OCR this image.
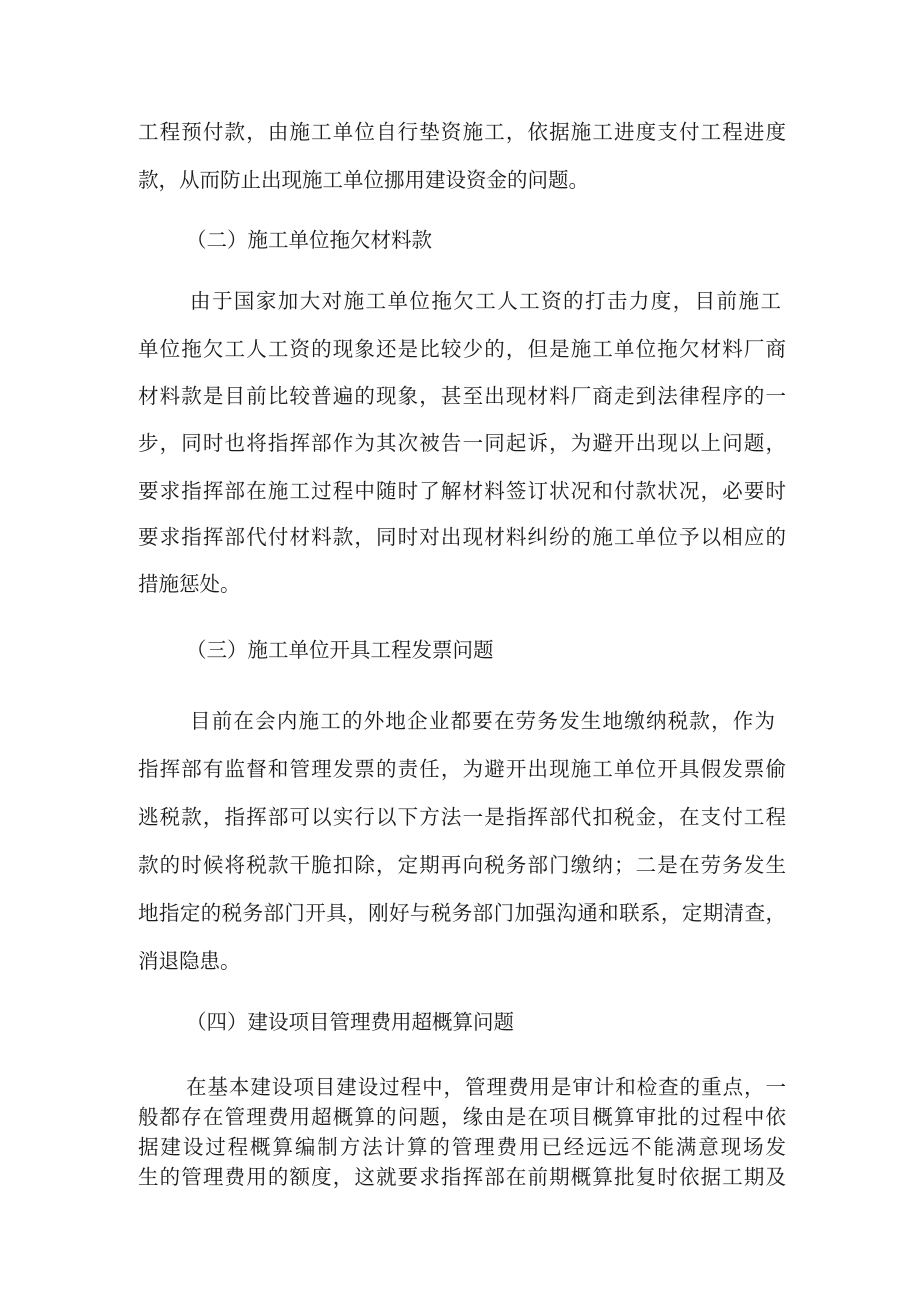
工程预付款，由施工单位自行垫资施工，依据施工进度支付工程进度
款，从而防止出现施工单位挪用建设资金的问题。
（二）施工单位拖欠材料款
由于国家加大对施工单位拖欠工人工资的打击力度，目前施工
单位拖欠工人工资的现象还是比较少的，但是施工单位拖欠材料厂商
材料款是目前比较普遍的现象，甚至出现材料厂商走到法律程序的一
步，同时也将指挥部作为其次被告一同起诉，为避开出现以上问题，
要求指挥部在施工过程中随时了解材料签订状况和付款状况，必要时
要求指挥部代付材料款，同时对出现材料纠纷的施工单位予以相应的
措施惩处。
（三）施工单位开具工程发票问题
目前在会内施工的外地企业都要在劳务发生地缴纳税款，作为
指挥部有监督和管理发票的责任，为避开出现施工单位开具假发票偷
逃税款，指挥部可以实行以下方法一是指挥部代扣税金，在支付工程
款的时候将税款干脆扣除，定期再向税务部门缴纳；二是在劳务发生
地指定的税务部门开具，刚好与税务部门加强沟通和联系，定期清查，
消退隐患。
（四）建设项目管理费用超概算问题
在基本建设项目建设过程中，管理费用是审计和检查的重点，一
般都存在管理费用超概算的问题，缘由是在项目概算审批的过程中依
据建设过程概算编制方法计算的管理费用已经远远不能满意现场发
生的管理费用的额度，这就要求指挥部在前期概算批复时依据工期及
